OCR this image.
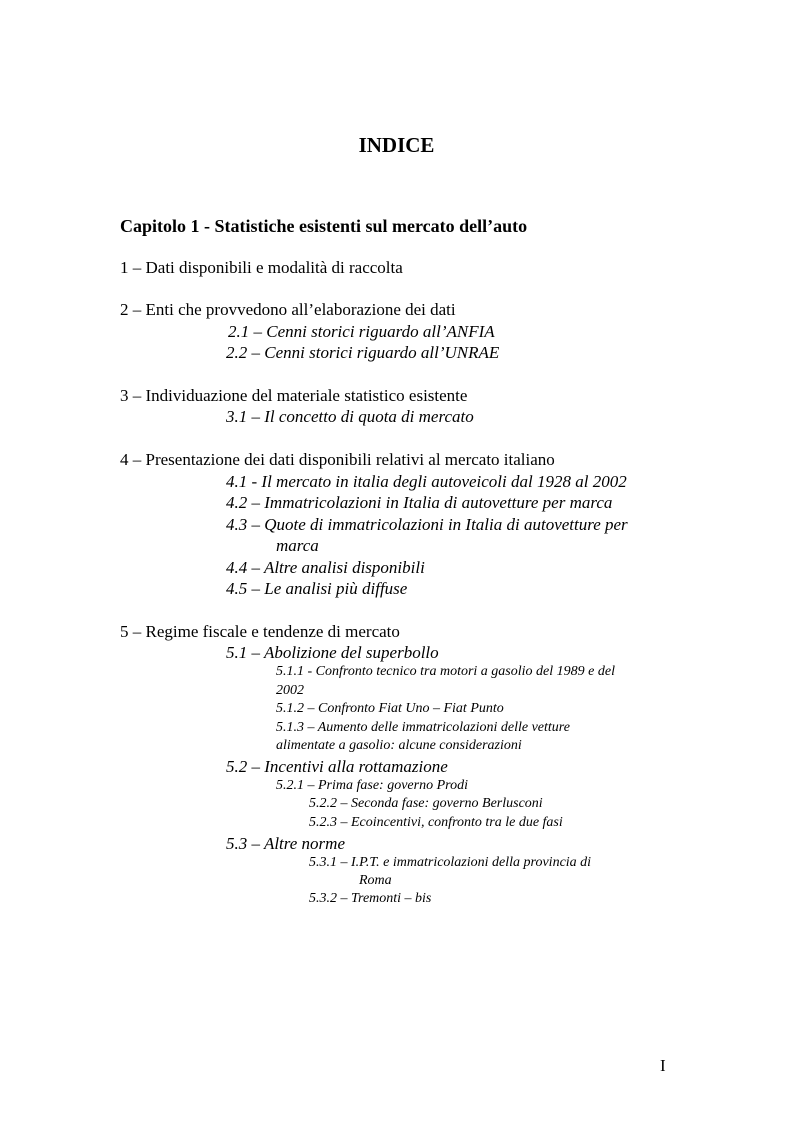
INDICE
Capitolo 1 - Statistiche esistenti sul mercato dell’auto
1 – Dati disponibili e modalità di raccolta
2 – Enti che provvedono all’elaborazione dei dati
2.1 – Cenni storici riguardo all’ANFIA
2.2 – Cenni storici riguardo all’UNRAE
3 – Individuazione del materiale statistico esistente
3.1 – Il concetto di quota di mercato
4 – Presentazione dei dati disponibili relativi al mercato italiano
4.1 - Il mercato in italia degli autoveicoli dal 1928 al 2002
4.2 – Immatricolazioni in Italia di autovetture per marca
4.3 – Quote di immatricolazioni in Italia di autovetture per
marca
4.4 – Altre analisi disponibili
4.5 – Le analisi più diffuse
5 – Regime fiscale e tendenze di mercato
5.1 – Abolizione del superbollo
5.1.1 - Confronto tecnico tra motori a gasolio del 1989 e del
2002
5.1.2 – Confronto Fiat Uno – Fiat Punto
5.1.3 – Aumento delle immatricolazioni delle vetture
alimentate a gasolio: alcune considerazioni
5.2 – Incentivi alla rottamazione
5.2.1 – Prima fase: governo Prodi
5.2.2 – Seconda fase: governo Berlusconi
5.2.3 – Ecoincentivi, confronto tra le due fasi
5.3 – Altre norme
5.3.1 – I.P.T. e immatricolazioni della provincia di
Roma
5.3.2 – Tremonti – bis
I
